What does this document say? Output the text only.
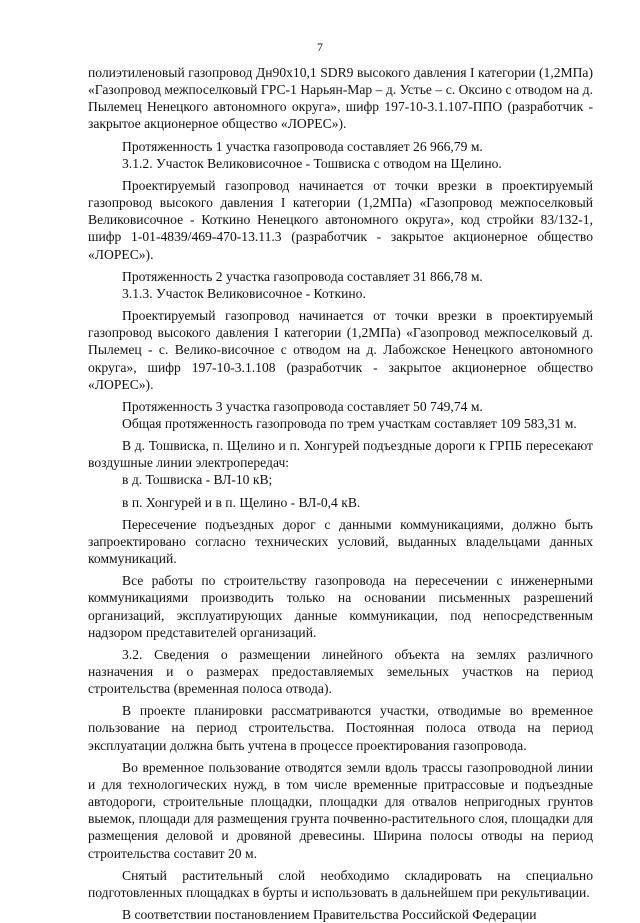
7

полиэтиленовый газопровод Дн90х10,1 SDR9 высокого давления I категории (1,2МПа) «Газопровод межпоселковый ГРС-1 Нарьян-Мар – д. Устье – с. Оксино с отводом на д. Пылемец Ненецкого автономного округа», шифр 197-10-3.1.107-ППО (разработчик - закрытое акционерное общество «ЛОРЕС»).

Протяженность 1 участка газопровода составляет 26 966,79 м.

3.1.2. Участок Великовисочное - Тошвиска с отводом на Щелино.

Проектируемый газопровод начинается от точки врезки в проектируемый газопровод высокого давления I категории (1,2МПа) «Газопровод межпоселковый Великовисочное - Коткино Ненецкого автономного округа», код стройки 83/132-1, шифр 1-01-4839/469-470-13.11.3 (разработчик - закрытое акционерное общество «ЛОРЕС»).

Протяженность 2 участка газопровода составляет 31 866,78 м.

3.1.3. Участок Великовисочное - Коткино.

Проектируемый газопровод начинается от точки врезки в проектируемый газопровод высокого давления I категории (1,2МПа) «Газопровод межпоселковый д. Пылемец - с. Велико-височное с отводом на д. Лабожское Ненецкого автономного округа», шифр 197-10-3.1.108 (разработчик - закрытое акционерное общество «ЛОРЕС»).

Протяженность 3 участка газопровода составляет 50 749,74 м.

Общая протяженность газопровода по трем участкам составляет 109 583,31 м.

В д. Тошвиска, п. Щелино и п. Хонгурей подъездные дороги к ГРПБ пересекают воздушные линии электропередач:

в д. Тошвиска - ВЛ-10 кВ;

в п. Хонгурей и в п. Щелино - ВЛ-0,4 кВ.

Пересечение подъездных дорог с данными коммуникациями, должно быть запроектировано согласно технических условий, выданных владельцами данных коммуникаций.

Все работы по строительству газопровода на пересечении с инженерными коммуникациями производить только на основании письменных разрешений организаций, эксплуатирующих данные коммуникации, под непосредственным надзором представителей организаций.

3.2. Сведения о размещении линейного объекта на землях различного назначения и о размерах предоставляемых земельных участков на период строительства (временная полоса отвода).

В проекте планировки рассматриваются участки, отводимые во временное пользование на период строительства. Постоянная полоса отвода на период эксплуатации должна быть учтена в процессе проектирования газопровода.

Во временное пользование отводятся земли вдоль трассы газопроводной линии и для технологических нужд, в том числе временные притрассовые и подъездные автодороги, строительные площадки, площадки для отвалов непригодных грунтов выемок, площади для размещения грунта почвенно-растительного слоя, площадки для размещения деловой и дровяной древесины. Ширина полосы отводы на период строительства составит 20 м.

Снятый растительный слой необходимо складировать на специально подготовленных площадках в бурты и использовать в дальнейшем при рекультивации.

В соответствии постановлением Правительства Российской Федерации
